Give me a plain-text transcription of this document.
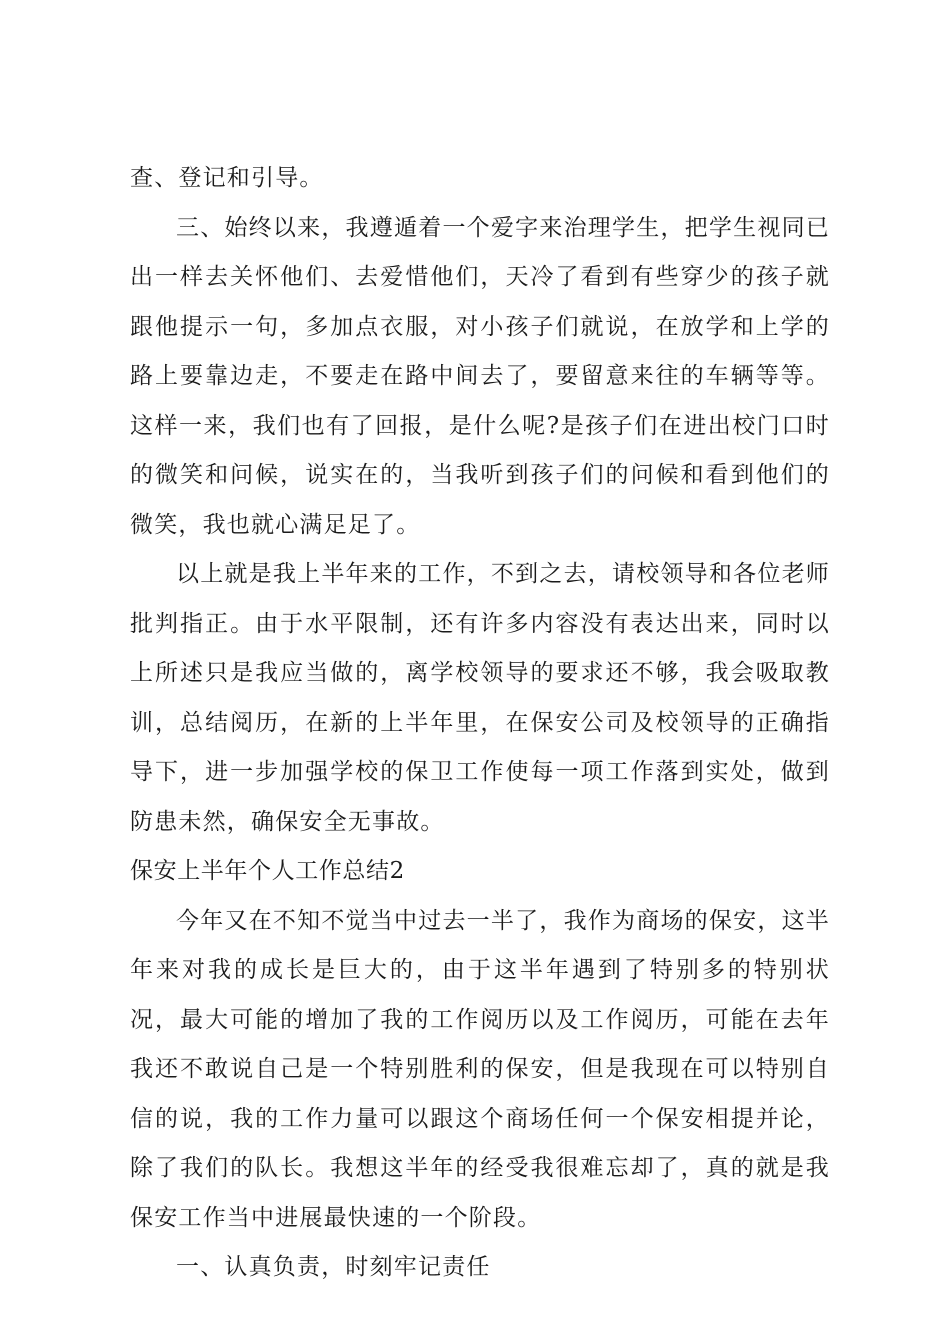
查、登记和引导。

三、始终以来，我遵遁着一个爱字来治理学生，把学生视同已出一样去关怀他们、去爱惜他们，天冷了看到有些穿少的孩子就跟他提示一句，多加点衣服，对小孩子们就说，在放学和上学的路上要靠边走，不要走在路中间去了，要留意来往的车辆等等。这样一来，我们也有了回报，是什么呢?是孩子们在进出校门口时的微笑和问候，说实在的，当我听到孩子们的问候和看到他们的微笑，我也就心满足足了。

以上就是我上半年来的工作，不到之去，请校领导和各位老师批判指正。由于水平限制，还有许多内容没有表达出来，同时以上所述只是我应当做的，离学校领导的要求还不够，我会吸取教训，总结阅历，在新的上半年里，在保安公司及校领导的正确指导下，进一步加强学校的保卫工作使每一项工作落到实处，做到防患未然，确保安全无事故。

保安上半年个人工作总结2

今年又在不知不觉当中过去一半了，我作为商场的保安，这半年来对我的成长是巨大的，由于这半年遇到了特别多的特别状况，最大可能的增加了我的工作阅历以及工作阅历，可能在去年我还不敢说自己是一个特别胜利的保安，但是我现在可以特别自信的说，我的工作力量可以跟这个商场任何一个保安相提并论，除了我们的队长。我想这半年的经受我很难忘却了，真的就是我保安工作当中进展最快速的一个阶段。

一、认真负责，时刻牢记责任
